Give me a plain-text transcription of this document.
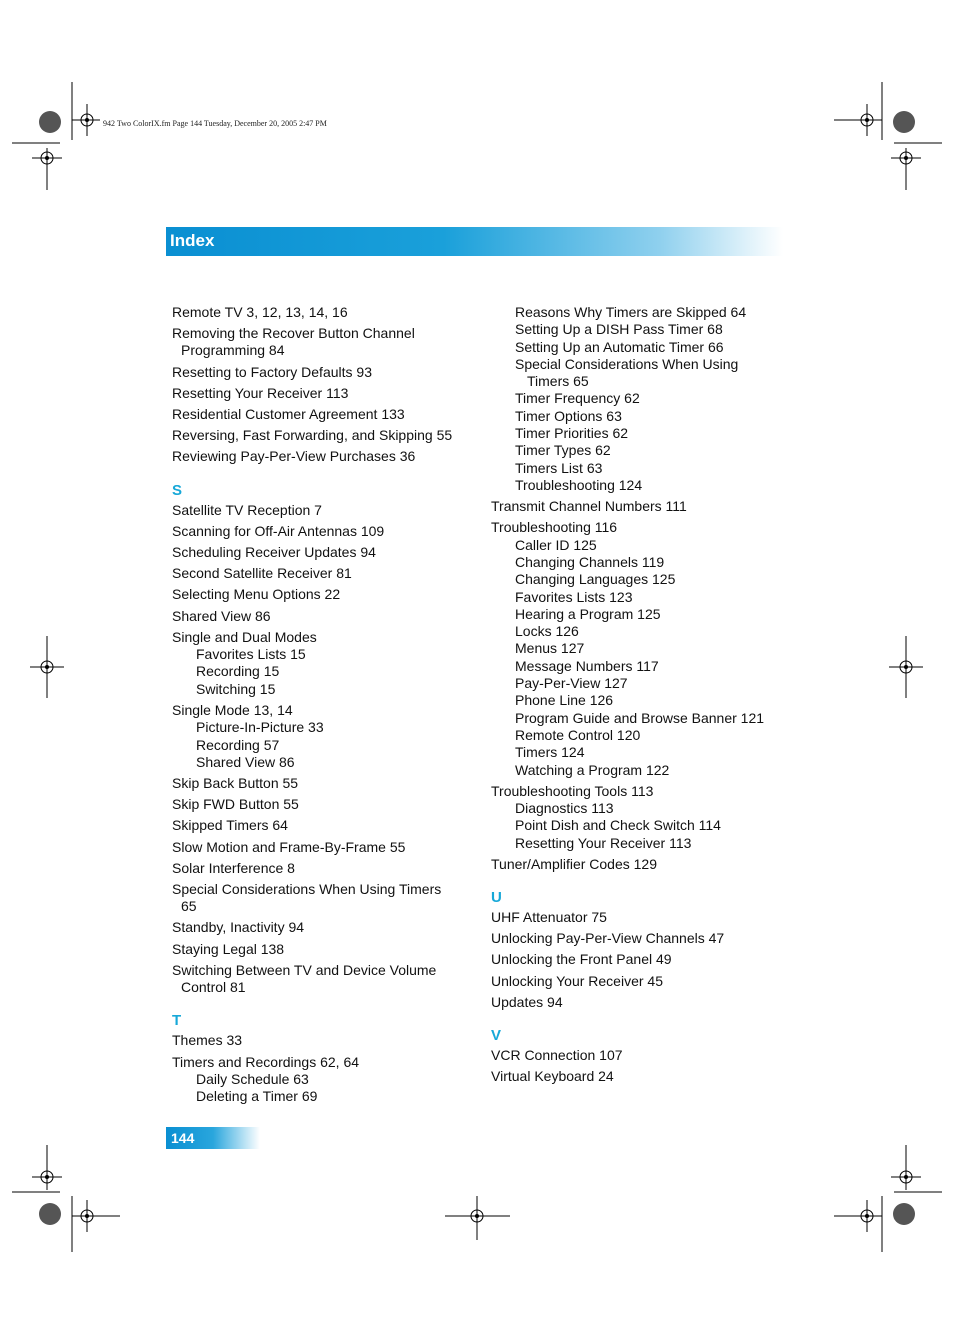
942 Two ColorIX.fm Page 144 Tuesday, December 20, 2005 2:47 PM
Index
Remote TV 3, 12, 13, 14, 16
Removing the Recover Button Channel
Programming 84
Resetting to Factory Defaults 93
Resetting Your Receiver 113
Residential Customer Agreement 133
Reversing, Fast Forwarding, and Skipping 55
Reviewing Pay-Per-View Purchases 36
S
Satellite TV Reception 7
Scanning for Off-Air Antennas 109
Scheduling Receiver Updates 94
Second Satellite Receiver 81
Selecting Menu Options 22
Shared View 86
Single and Dual Modes
Favorites Lists 15
Recording 15
Switching 15
Single Mode 13, 14
Picture-In-Picture 33
Recording 57
Shared View 86
Skip Back Button 55
Skip FWD Button 55
Skipped Timers 64
Slow Motion and Frame-By-Frame 55
Solar Interference 8
Special Considerations When Using Timers
65
Standby, Inactivity 94
Staying Legal 138
Switching Between TV and Device Volume
Control 81
T
Themes 33
Timers and Recordings 62, 64
Daily Schedule 63
Deleting a Timer 69
Reasons Why Timers are Skipped 64
Setting Up a DISH Pass Timer 68
Setting Up an Automatic Timer 66
Special Considerations When Using
Timers 65
Timer Frequency 62
Timer Options 63
Timer Priorities 62
Timer Types 62
Timers List 63
Troubleshooting 124
Transmit Channel Numbers 111
Troubleshooting 116
Caller ID 125
Changing Channels 119
Changing Languages 125
Favorites Lists 123
Hearing a Program 125
Locks 126
Menus 127
Message Numbers 117
Pay-Per-View 127
Phone Line 126
Program Guide and Browse Banner 121
Remote Control 120
Timers 124
Watching a Program 122
Troubleshooting Tools 113
Diagnostics 113
Point Dish and Check Switch 114
Resetting Your Receiver 113
Tuner/Amplifier Codes 129
U
UHF Attenuator 75
Unlocking Pay-Per-View Channels 47
Unlocking the Front Panel 49
Unlocking Your Receiver 45
Updates 94
V
VCR Connection 107
Virtual Keyboard 24
144
